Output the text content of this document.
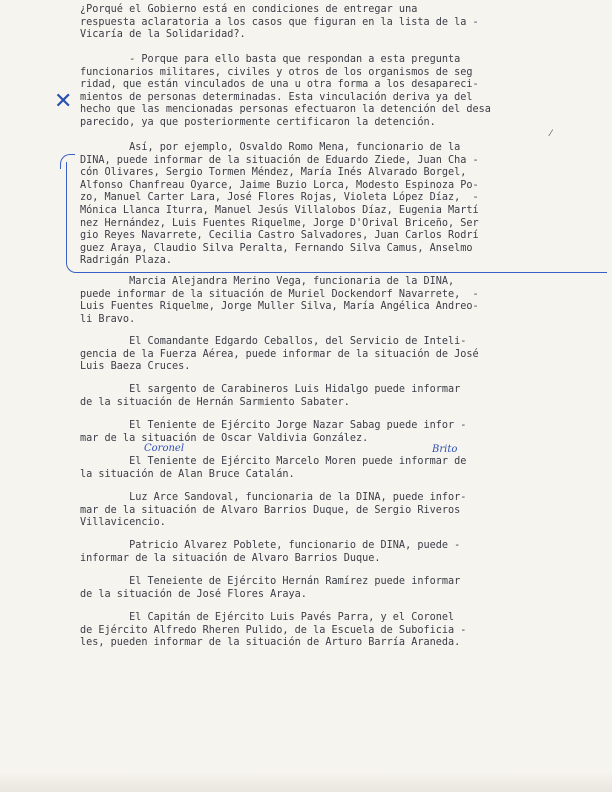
¿Porqué el Gobierno está en condiciones de entregar una
respuesta aclaratoria a los casos que figuran en la lista de la -
Vicaría de la Solidaridad?.
- Porque para ello basta que respondan a esta pregunta
funcionarios militares, civiles y otros de los organismos de seg
ridad, que están vinculados de una u otra forma a los desapareci-
mientos de personas determinadas. Esta vinculación deriva ya del
hecho que las mencionadas personas efectuaron la detención del desa
parecido, ya que posteriormente certificaron la detención.
Así, por ejemplo, Osvaldo Romo Mena, funcionario de la
DINA, puede informar de la situación de Eduardo Ziede, Juan Cha -
cón Olivares, Sergio Tormen Méndez, María Inés Alvarado Borgel,
Alfonso Chanfreau Oyarce, Jaime Buzio Lorca, Modesto Espinoza Po-
zo, Manuel Carter Lara, José Flores Rojas, Violeta López Díaz,  -
Mónica Llanca Iturra, Manuel Jesús Villalobos Díaz, Eugenia Martí
nez Hernández, Luis Fuentes Riquelme, Jorge D'Orival Briceño, Ser
gio Reyes Navarrete, Cecilia Castro Salvadores, Juan Carlos Rodrí
guez Araya, Claudio Silva Peralta, Fernando Silva Camus, Anselmo
Radrigán Plaza.
Marcia Alejandra Merino Vega, funcionaria de la DINA,
puede informar de la situación de Muriel Dockendorf Navarrete,  -
Luis Fuentes Riquelme, Jorge Muller Silva, María Angélica Andreo-
li Bravo.
El Comandante Edgardo Ceballos, del Servicio de Inteli-
gencia de la Fuerza Aérea, puede informar de la situación de José
Luis Baeza Cruces.
El sargento de Carabineros Luis Hidalgo puede informar
de la situación de Hernán Sarmiento Sabater.
El Teniente de Ejército Jorge Nazar Sabag puede infor -
mar de la situación de Oscar Valdivia González.
El Teniente de Ejército Marcelo Moren puede informar de
la situación de Alan Bruce Catalán.
Luz Arce Sandoval, funcionaria de la DINA, puede infor-
mar de la situación de Alvaro Barrios Duque, de Sergio Riveros
Villavicencio.
Patricio Alvarez Poblete, funcionario de DINA, puede -
informar de la situación de Alvaro Barrios Duque.
El Teneiente de Ejército Hernán Ramírez puede informar
de la situación de José Flores Araya.
El Capitán de Ejército Luis Pavés Parra, y el Coronel
de Ejército Alfredo Rheren Pulido, de la Escuela de Suboficia -
les, pueden informar de la situación de Arturo Barría Araneda.
✕
Coronel	Brito
⁄
